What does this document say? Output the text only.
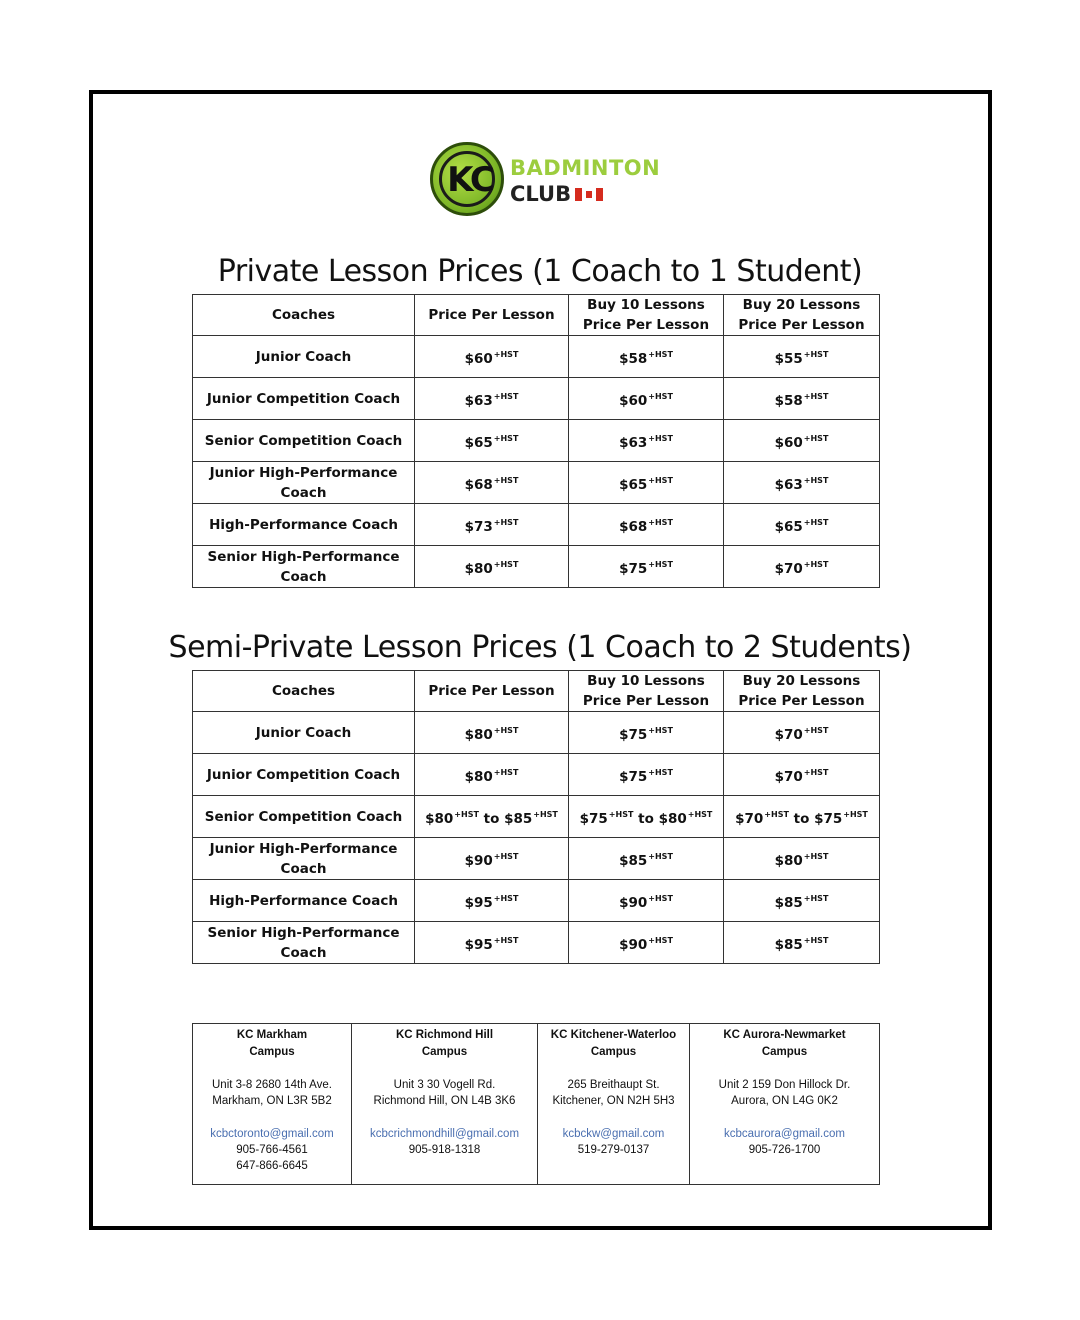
KC BADMINTON
CLUB
Private Lesson Prices (1 Coach to 1 Student)
Coaches	Price Per Lesson	Buy 10 Lessons Price Per Lesson	Buy 20 Lessons Price Per Lesson
Junior Coach	$\$60^{+HST}$	$\$58^{+HST}$	$\$55^{+HST}$
Junior Competition Coach	$\$63^{+HST}$	$\$60^{+HST}$	$\$58^{+HST}$
Senior Competition Coach	$\$65^{+HST}$	$\$63^{+HST}$	$\$60^{+HST}$
Junior High-Performance Coach	$\$68^{+HST}$	$\$65^{+HST}$	$\$63^{+HST}$
High-Performance Coach	$\$73^{+HST}$	$\$68^{+HST}$	$\$65^{+HST}$
Senior High-Performance Coach	$\$80^{+HST}$	$\$75^{+HST}$	$\$70^{+HST}$
Semi-Private Lesson Prices (1 Coach to 2 Students)
Coaches	Price Per Lesson	Buy 10 Lessons Price Per Lesson	Buy 20 Lessons Price Per Lesson
Junior Coach	$\$80^{+HST}$	$\$75^{+HST}$	$\$70^{+HST}$
Junior Competition Coach	$\$80^{+HST}$	$\$75^{+HST}$	$\$70^{+HST}$
Senior Competition Coach	$\$80^{+HST}$ to $\$85^{+HST}$	$\$75^{+HST}$ to $\$80^{+HST}$	$\$70^{+HST}$ to $\$75^{+HST}$
Junior High-Performance Coach	$\$90^{+HST}$	$\$85^{+HST}$	$\$80^{+HST}$
High-Performance Coach	$\$95^{+HST}$	$\$90^{+HST}$	$\$85^{+HST}$
Senior High-Performance Coach	$\$95^{+HST}$	$\$90^{+HST}$	$\$85^{+HST}$
KC Markham
Campus
Unit 3-8 2680 14th Ave.
Markham, ON L3R 5B2
kcbctoronto@gmail.com
905-766-4561
647-866-6645

KC Richmond Hill
Campus
Unit 3 30 Vogell Rd.
Richmond Hill, ON L4B 3K6
kcbcrichmondhill@gmail.com
905-918-1318

KC Kitchener-Waterloo
Campus
265 Breithaupt St.
Kitchener, ON N2H 5H3
kcbckw@gmail.com
519-279-0137

KC Aurora-Newmarket
Campus
Unit 2 159 Don Hillock Dr.
Aurora, ON L4G 0K2
kcbcaurora@gmail.com
905-726-1700
